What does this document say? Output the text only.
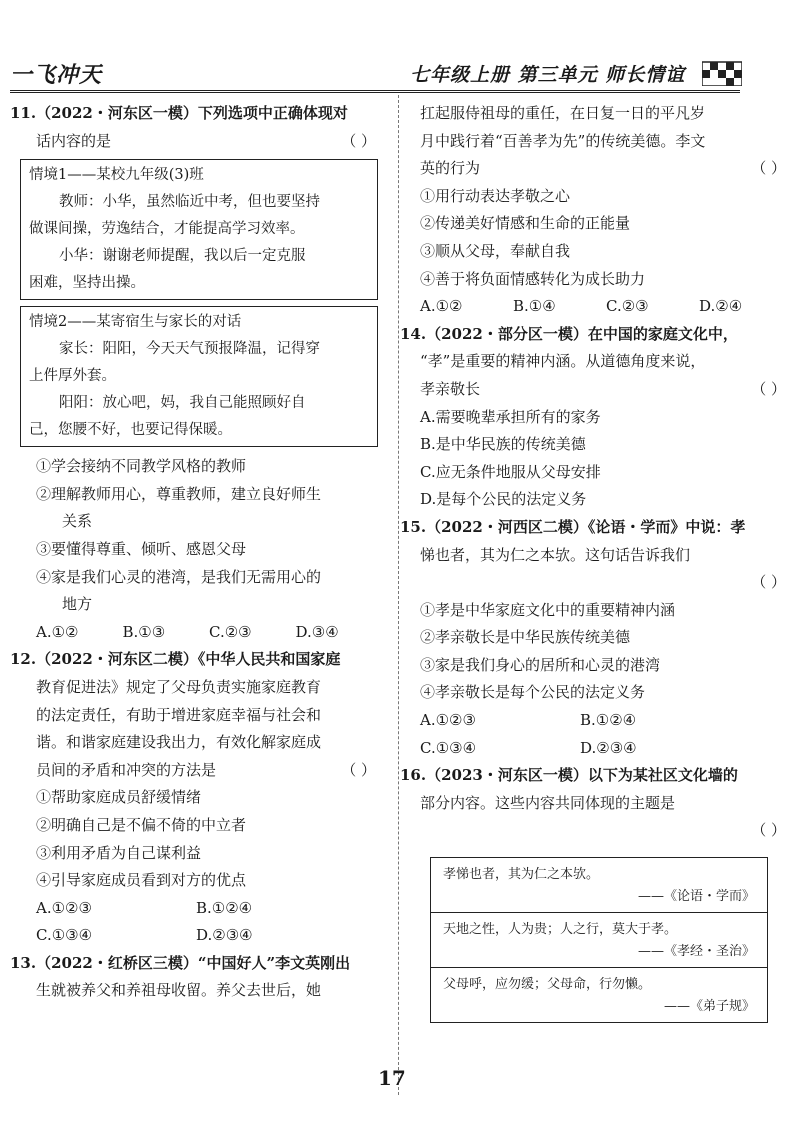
一飞冲天	七年级上册 第三单元 师长情谊
11.（2022・河东区一模）下列选项中正确体现对
话内容的是	（ ）
情境1——某校九年级(3)班
教师：小华，虽然临近中考，但也要坚持
做课间操，劳逸结合，才能提高学习效率。
小华：谢谢老师提醒，我以后一定克服
困难，坚持出操。
情境2——某寄宿生与家长的对话
家长：阳阳，今天天气预报降温，记得穿
上件厚外套。
阳阳：放心吧，妈，我自己能照顾好自
己，您腰不好，也要记得保暖。
①学会接纳不同教学风格的教师
②理解教师用心，尊重教师，建立良好师生
关系
③要懂得尊重、倾听、感恩父母
④家是我们心灵的港湾，是我们无需用心的
地方
A.①②	B.①③	C.②③	D.③④
12.（2022・河东区二模）《中华人民共和国家庭
教育促进法》规定了父母负责实施家庭教育
的法定责任，有助于增进家庭幸福与社会和
谐。和谐家庭建设我出力，有效化解家庭成
员间的矛盾和冲突的方法是	（ ）
①帮助家庭成员舒缓情绪
②明确自己是不偏不倚的中立者
③利用矛盾为自己谋利益
④引导家庭成员看到对方的优点
A.①②③	B.①②④
C.①③④	D.②③④
13.（2022・红桥区三模）“中国好人”李文英刚出
生就被养父和养祖母收留。养父去世后，她
扛起服侍祖母的重任，在日复一日的平凡岁
月中践行着“百善孝为先”的传统美德。李文
英的行为	（ ）
①用行动表达孝敬之心
②传递美好情感和生命的正能量
③顺从父母，奉献自我
④善于将负面情感转化为成长助力
A.①②	B.①④	C.②③	D.②④
14.（2022・部分区一模）在中国的家庭文化中，
“孝”是重要的精神内涵。从道德角度来说，
孝亲敬长	（ ）
A.需要晚辈承担所有的家务
B.是中华民族的传统美德
C.应无条件地服从父母安排
D.是每个公民的法定义务
15.（2022・河西区二模）《论语・学而》中说：孝
悌也者，其为仁之本欤。这句话告诉我们
（ ）

①孝是中华家庭文化中的重要精神内涵
②孝亲敬长是中华民族传统美德
③家是我们身心的居所和心灵的港湾
④孝亲敬长是每个公民的法定义务
A.①②③	B.①②④
C.①③④	D.②③④
16.（2023・河东区一模）以下为某社区文化墙的
部分内容。这些内容共同体现的主题是
（ ）

孝悌也者，其为仁之本欤。
——《论语・学而》
天地之性，人为贵；人之行，莫大于孝。
——《孝经・圣治》
父母呼，应勿缓；父母命，行勿懒。
——《弟子规》
17
